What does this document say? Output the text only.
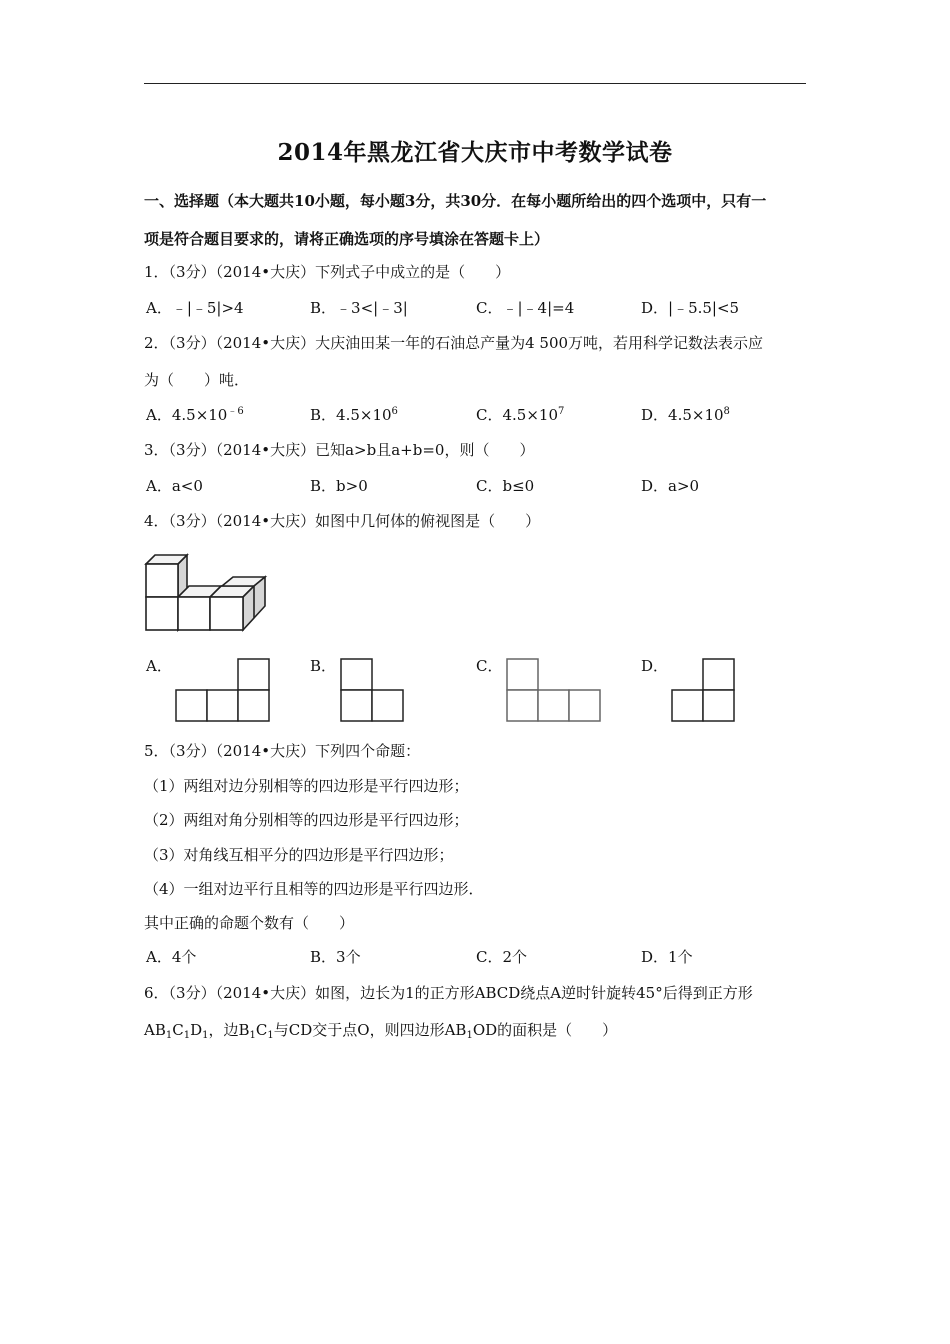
2014年黑龙江省大庆市中考数学试卷
一、选择题（本大题共10小题，每小题3分，共30分．在每小题所给出的四个选项中，只有一
项是符合题目要求的，请将正确选项的序号填涂在答题卡上）
1．（3分）（2014•大庆）下列式子中成立的是（　　）
A．﹣|﹣5|>4	B．﹣3<|﹣3|	C．﹣|﹣4|=4	D．|﹣5.5|<5
2．（3分）（2014•大庆）大庆油田某一年的石油总产量为4 500万吨，若用科学记数法表示应
为（　　）吨．
A．$4.5\times 10^{﹣6}$	B．$4.5\times 10^6$	C．$4.5\times 10^7$	D．$4.5\times 10^8$
3．（3分）（2014•大庆）已知a>b且a+b=0，则（　　）
A．a<0	B．b>0	C．b≤0	D．a>0
4．（3分）（2014•大庆）如图中几何体的俯视图是（　　）
A．	B．	C．	D．
5．（3分）（2014•大庆）下列四个命题：
（1）两组对边分别相等的四边形是平行四边形；
（2）两组对角分别相等的四边形是平行四边形；
（3）对角线互相平分的四边形是平行四边形；
（4）一组对边平行且相等的四边形是平行四边形．
其中正确的命题个数有（　　）
A．4个	B．3个	C．2个	D．1个
6．（3分）（2014•大庆）如图，边长为1的正方形ABCD绕点A逆时针旋转45°后得到正方形
$AB_1C_1D_1$，边$B_1C_1$与CD交于点O，则四边形$AB_1OD$的面积是（　　）
